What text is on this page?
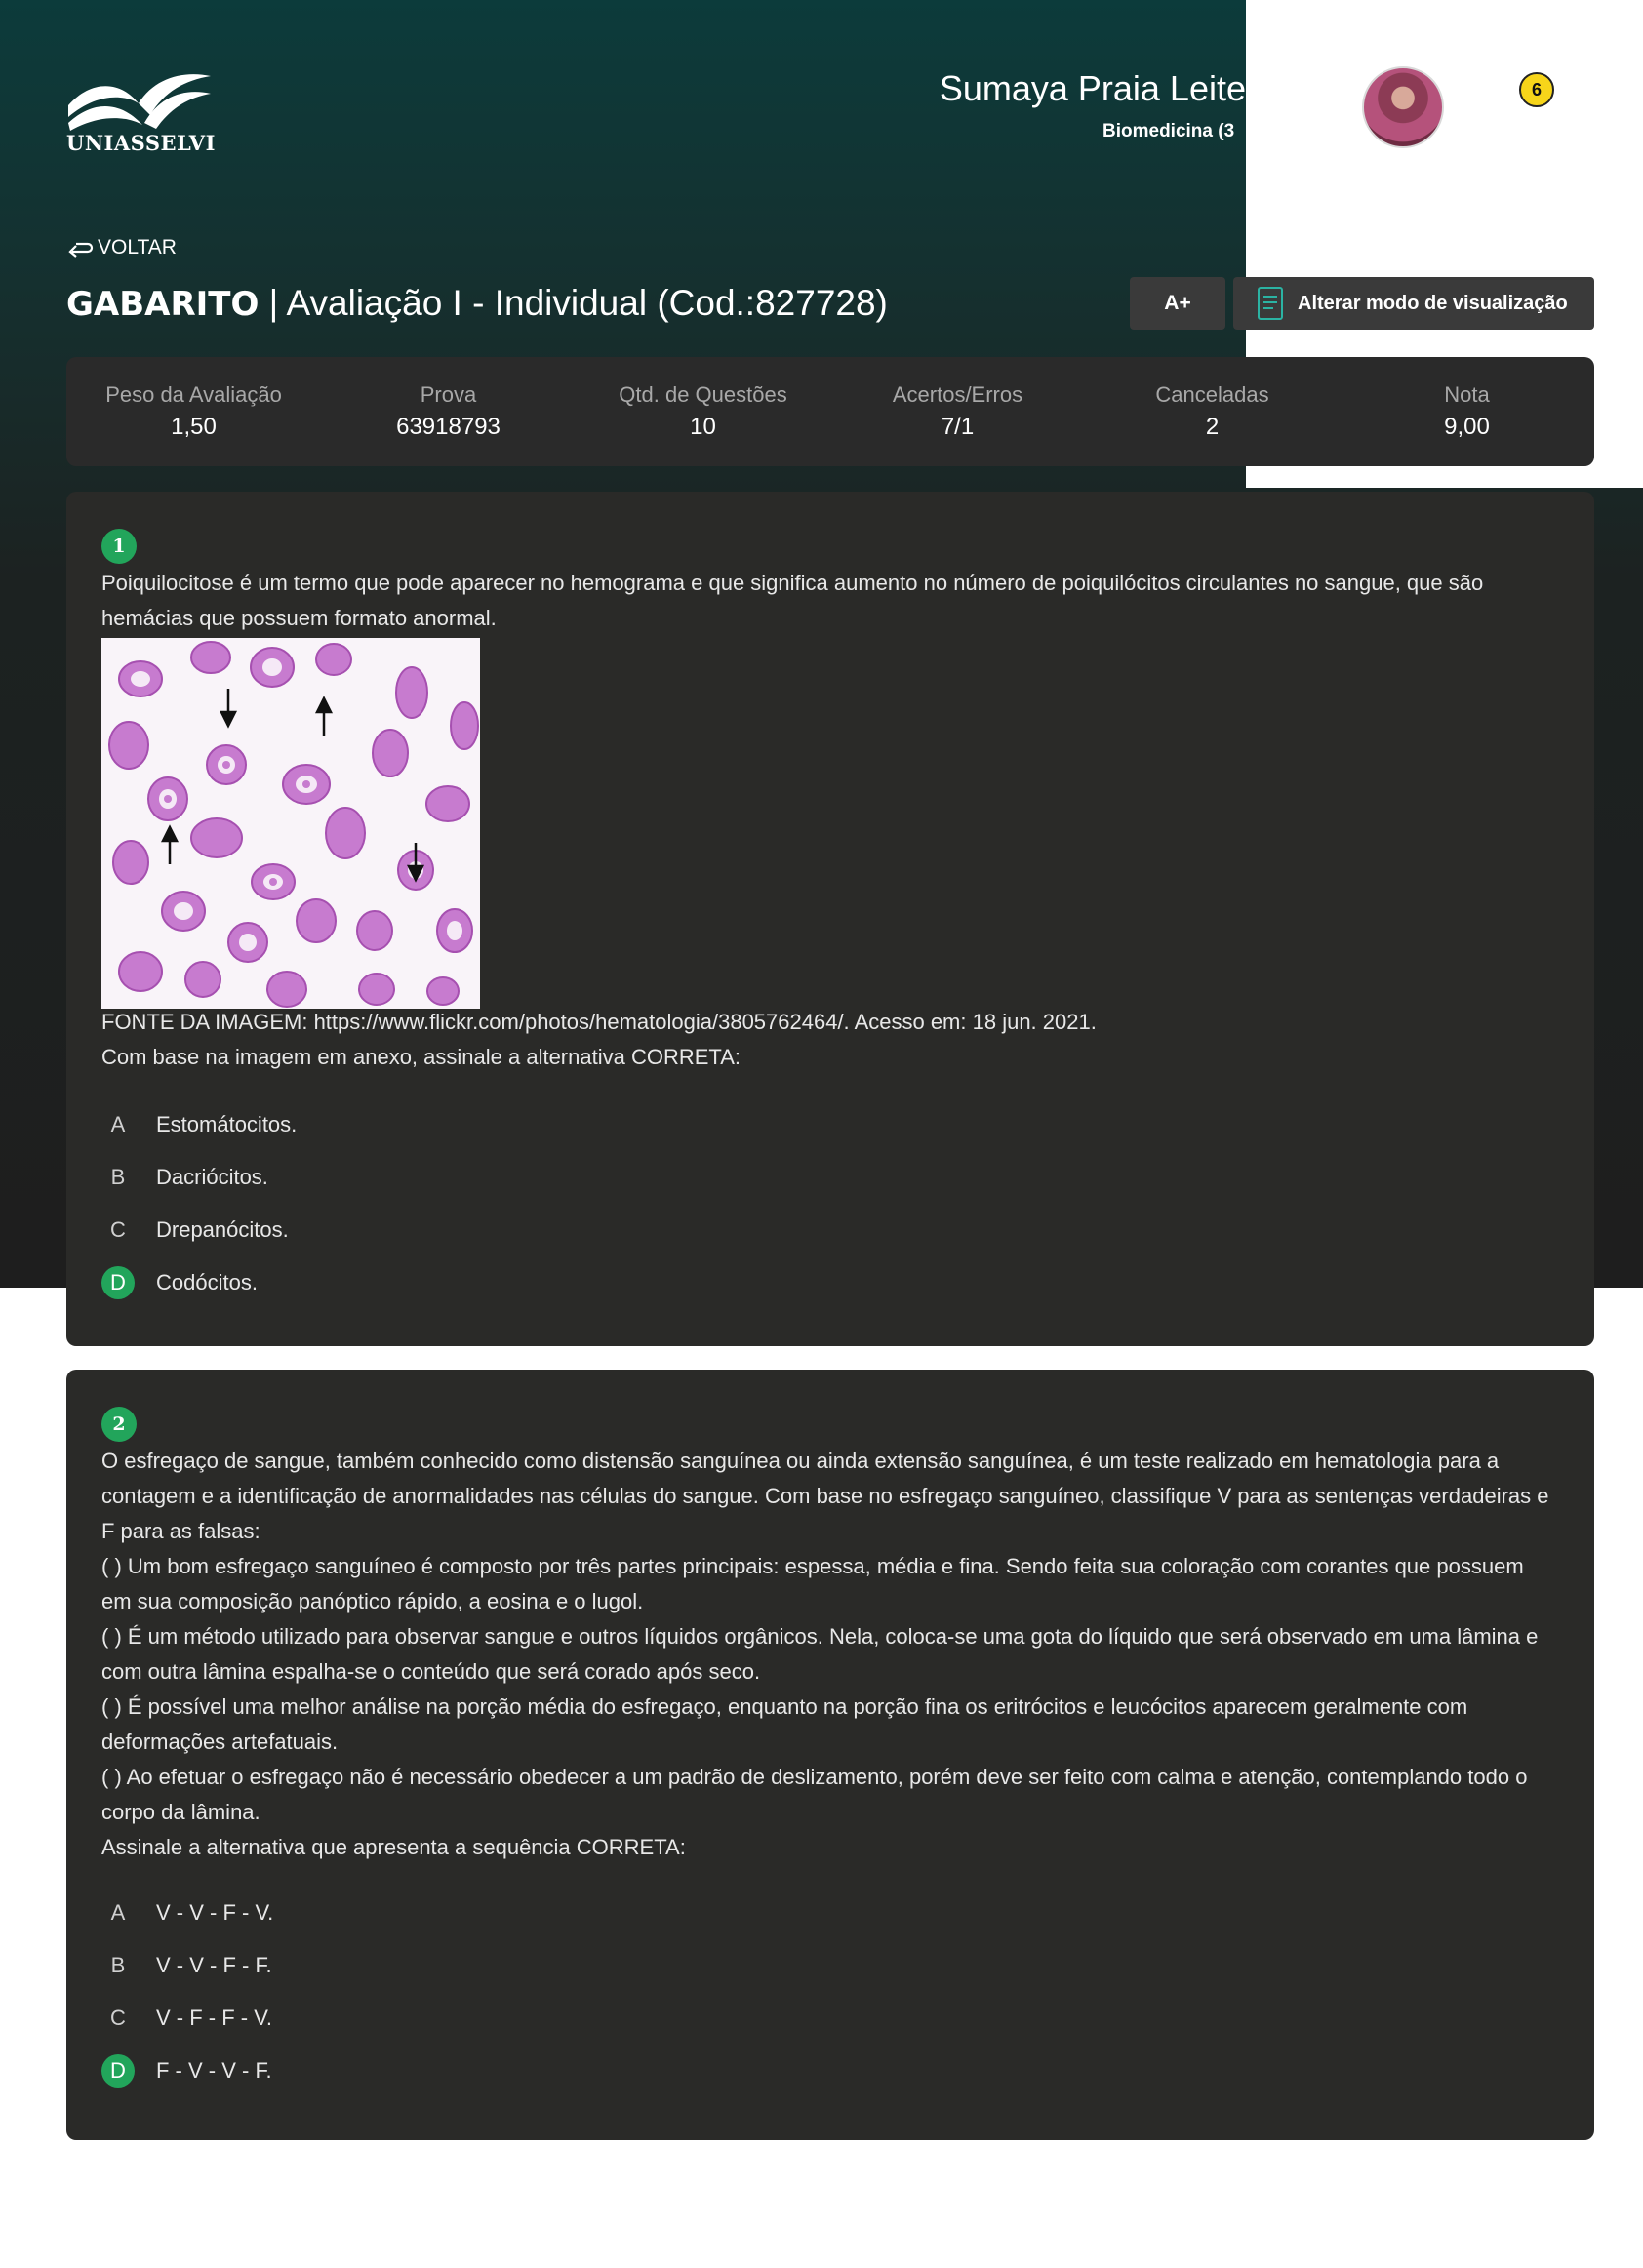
UNIASSELVI
Sumaya Praia Leite
Biomedicina (3
6
VOLTAR
GABARITO | Avaliação I - Individual (Cod.:827728)	A+	Alterar modo de visualização
Peso da Avaliação
1,50
Prova
63918793
Qtd. de Questões
10
Acertos/Erros
7/1
Canceladas
2
Nota
9,00
1
Poiquilocitose é um termo que pode aparecer no hemograma e que significa aumento no número de poiquilócitos circulantes no sangue, que são hemácias que possuem formato anormal.
FONTE DA IMAGEM: https://www.flickr.com/photos/hematologia/3805762464/. Acesso em: 18 jun. 2021.
Com base na imagem em anexo, assinale a alternativa CORRETA:
A	Estomátocitos.
B	Dacriócitos.
C	Drepanócitos.
D	Codócitos.
2

O esfregaço de sangue, também conhecido como distensão sanguínea ou ainda extensão sanguínea, é um teste realizado em hematologia para a contagem e a identificação de anormalidades nas células do sangue. Com base no esfregaço sanguíneo, classifique V para as sentenças verdadeiras e F para as falsas:

( ) Um bom esfregaço sanguíneo é composto por três partes principais: espessa, média e fina. Sendo feita sua coloração com corantes que possuem em sua composição panóptico rápido, a eosina e o lugol.

( ) É um método utilizado para observar sangue e outros líquidos orgânicos. Nela, coloca-se uma gota do líquido que será observado em uma lâmina e com outra lâmina espalha-se o conteúdo que será corado após seco.

( ) É possível uma melhor análise na porção média do esfregaço, enquanto na porção fina os eritrócitos e leucócitos aparecem geralmente com deformações artefatuais.

( ) Ao efetuar o esfregaço não é necessário obedecer a um padrão de deslizamento, porém deve ser feito com calma e atenção, contemplando todo o corpo da lâmina.

Assinale a alternativa que apresenta a sequência CORRETA:

A	V - V - F - V.
B	V - V - F - F.
C	V - F - F - V.
D	F - V - V - F.
